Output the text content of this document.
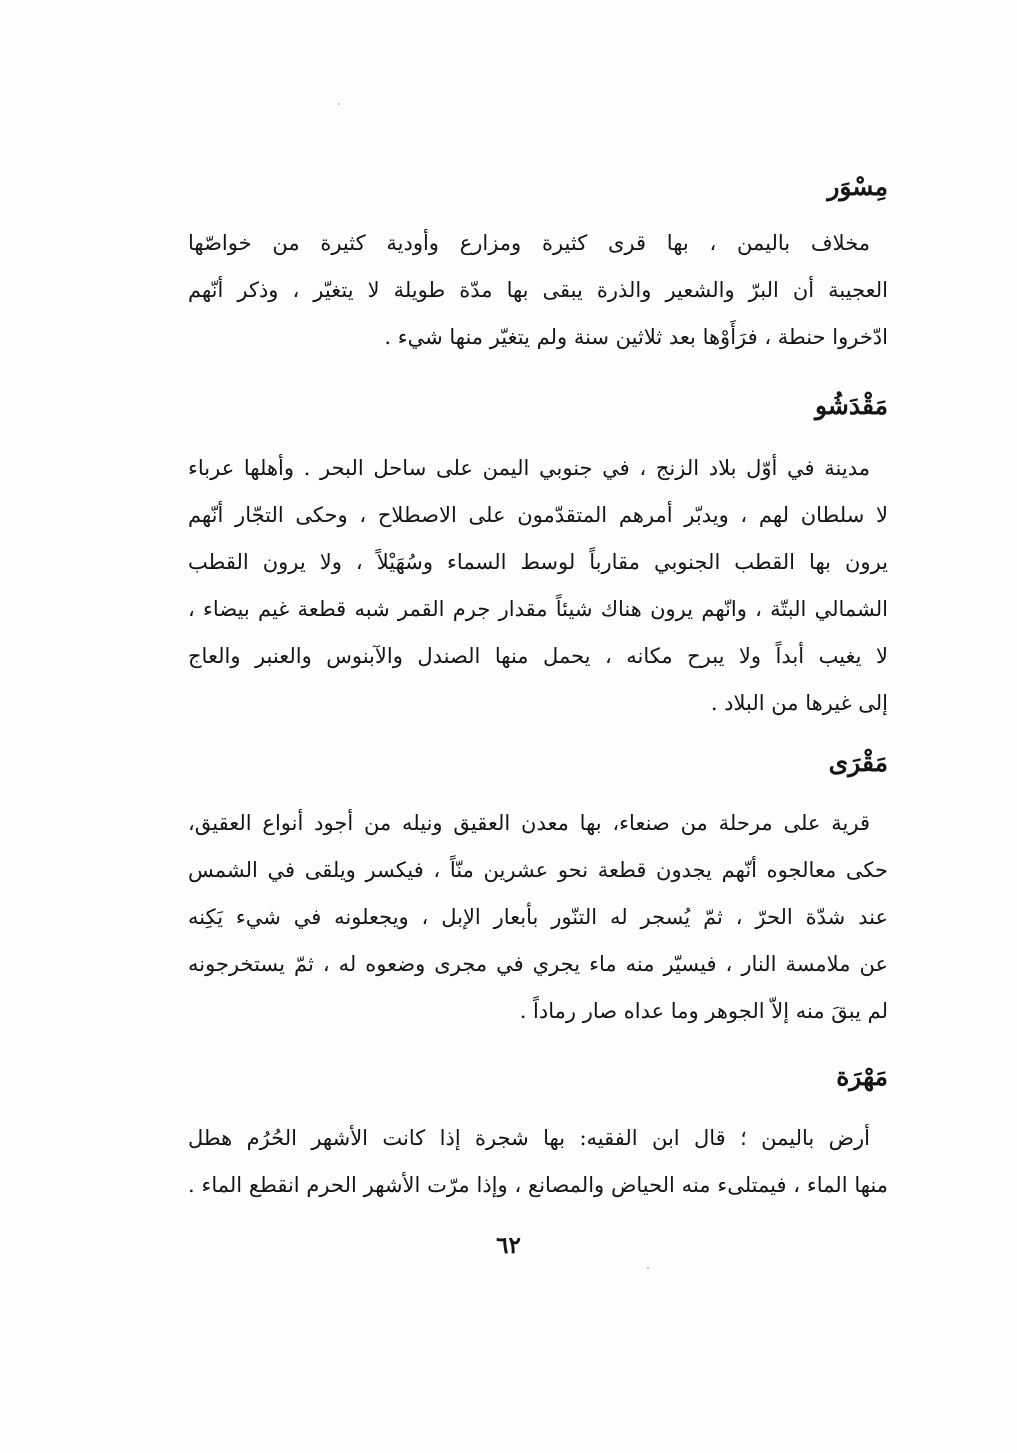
مِسْوَر
مخلاف باليمن ، بها قرى كثيرة ومزارع وأودية كثيرة من خواصّها
العجيبة أن البرّ والشعير والذرة يبقى بها مدّة طويلة لا يتغيّر ، وذكر أنّهم
ادّخروا حنطة ، فرَأَوْها بعد ثلاثين سنة ولم يتغيّر منها شيء .
مَقْدَشُو
مدينة في أوّل بلاد الزنج ، في جنوبي اليمن على ساحل البحر . وأهلها عرباء
لا سلطان لهم ، ويدبّر أمرهم المتقدّمون على الاصطلاح ، وحكى التجّار أنّهم
يرون بها القطب الجنوبي مقارباً لوسط السماء وسُهَيْلاً ، ولا يرون القطب
الشمالي البتّة ، وانّهم يرون هناك شيئاً مقدار جرم القمر شبه قطعة غيم بيضاء ،
لا يغيب أبداً ولا يبرح مكانه ، يحمل منها الصندل والآبنوس والعنبر والعاج
إلى غيرها من البلاد .
مَقْرَى
قرية على مرحلة من صنعاء، بها معدن العقيق ونيله من أجود أنواع العقيق،
حكى معالجوه أنّهم يجدون قطعة نحو عشرين منّاً ، فيكسر ويلقى في الشمس
عند شدّة الحرّ ، ثمّ يُسجر له التنّور بأبعار الإبل ، ويجعلونه في شيء يَكِنه
عن ملامسة النار ، فيسيّر منه ماء يجري في مجرى وضعوه له ، ثمّ يستخرجونه
لم يبقَ منه إلاّ الجوهر وما عداه صار رماداً .
مَهْرَة
أرض باليمن ؛ قال ابن الفقيه: بها شجرة إذا كانت الأشهر الحُرُم هطل
منها الماء ، فيمتلىء منه الحياض والمصانع ، وإذا مرّت الأشهر الحرم انقطع الماء .
٦٢
